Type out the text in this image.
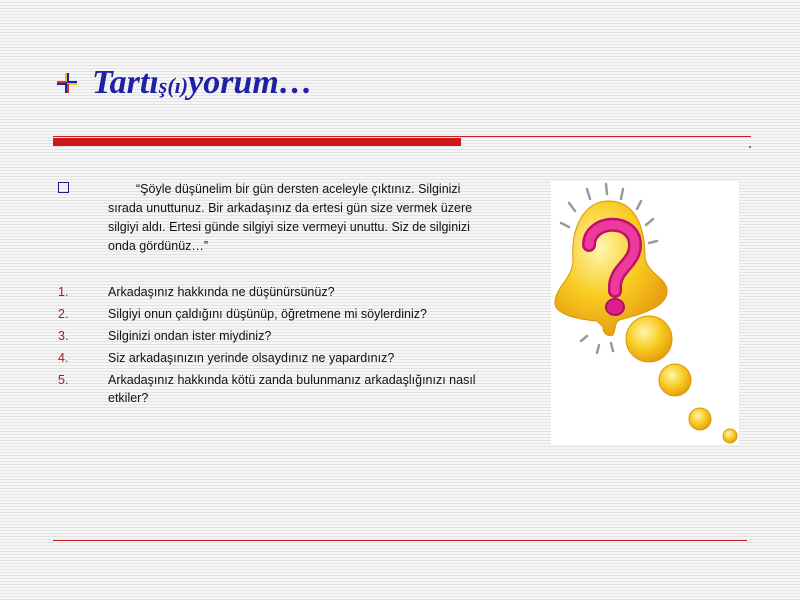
Tartış(ı)yorum…
“Şöyle düşünelim bir gün dersten aceleyle çıktınız. Silginizi sırada unuttunuz. Bir arkadaşınız da ertesi gün size vermek üzere silgiyi aldı. Ertesi günde silgiyi size vermeyi unuttu. Siz de silginizi onda gördünüz…”
1.	Arkadaşınız hakkında ne düşünürsünüz?
2.	Silgiyi onun çaldığını düşünüp, öğretmene mi söylerdiniz?
3.	Silginizi ondan ister miydiniz?
4.	Siz arkadaşınızın yerinde olsaydınız ne yapardınız?
5.	Arkadaşınız hakkında kötü zanda bulunmanız arkadaşlığınızı nasıl etkiler?
